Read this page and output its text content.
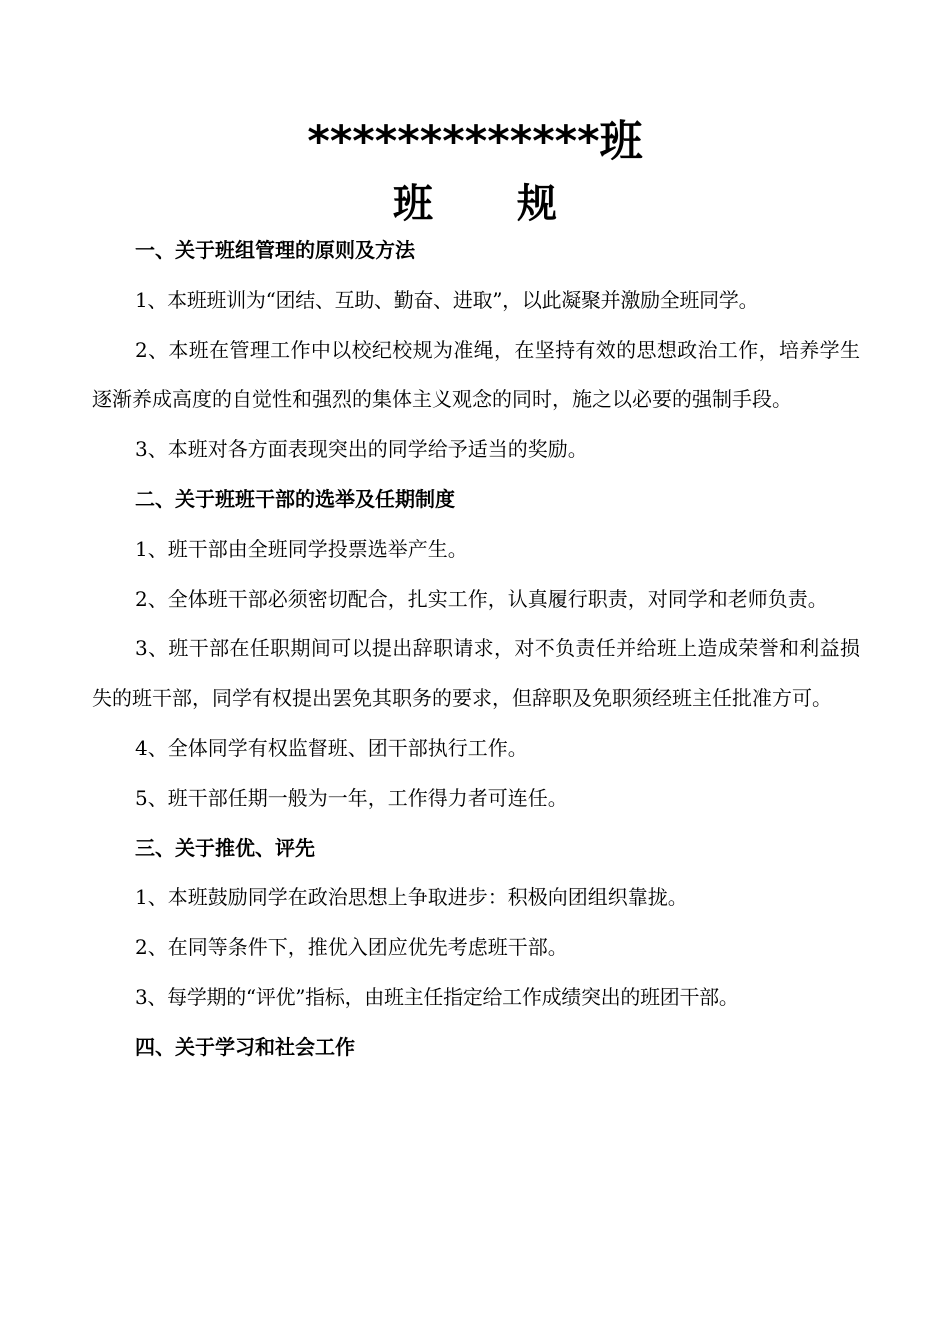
*************班
班规

一、关于班组管理的原则及方法

1、本班班训为“团结、互助、勤奋、进取”，以此凝聚并激励全班同学。

2、本班在管理工作中以校纪校规为准绳，在坚持有效的思想政治工作，培养学生逐渐养成高度的自觉性和强烈的集体主义观念的同时，施之以必要的强制手段。

3、本班对各方面表现突出的同学给予适当的奖励。

二、关于班班干部的选举及任期制度

1、班干部由全班同学投票选举产生。

2、全体班干部必须密切配合，扎实工作，认真履行职责，对同学和老师负责。

3、班干部在任职期间可以提出辞职请求，对不负责任并给班上造成荣誉和利益损失的班干部，同学有权提出罢免其职务的要求，但辞职及免职须经班主任批准方可。

4、全体同学有权监督班、团干部执行工作。

5、班干部任期一般为一年，工作得力者可连任。

三、关于推优、评先

1、本班鼓励同学在政治思想上争取进步：积极向团组织靠拢。

2、在同等条件下，推优入团应优先考虑班干部。

3、每学期的“评优”指标，由班主任指定给工作成绩突出的班团干部。

四、关于学习和社会工作
